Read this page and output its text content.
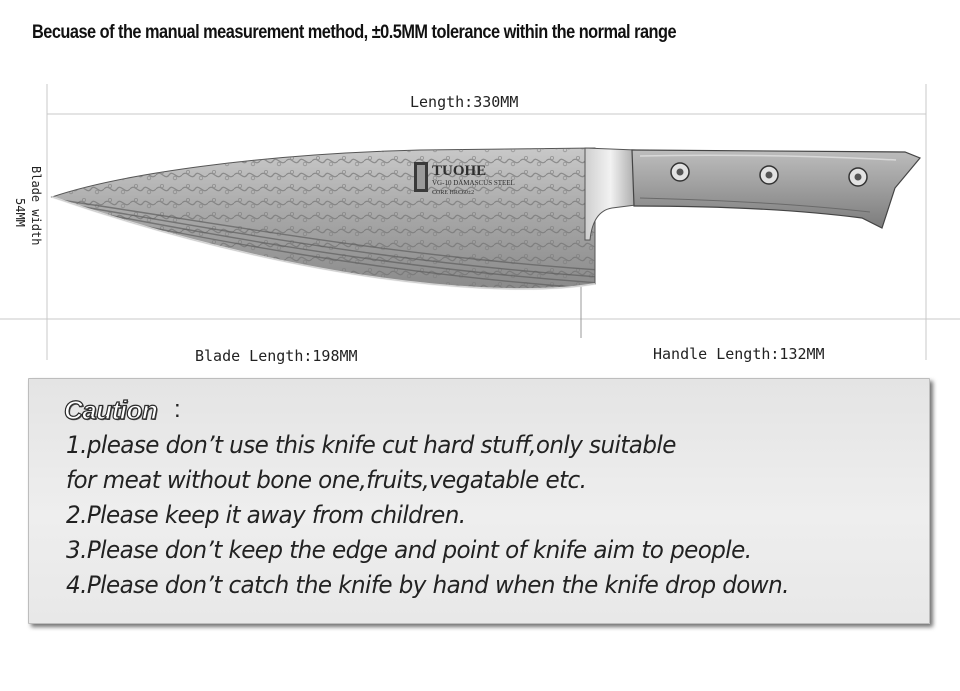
Becuase of the manual measurement method, ±0.5MM tolerance within the normal range
TUOHE
VG-10 DAMASCUS STEEL
CORE HRC60±2
Length:330MM
Blade width
54MM
Blade Length:198MM	Handle Length:132MM
Caution :
1.please don’t use this knife cut hard stuff,only suitable
for meat without bone one,fruits,vegatable etc.
2.Please keep it away from children.
3.Please don’t keep the edge and point of knife aim to people.
4.Please don’t catch the knife by hand when the knife drop down.
